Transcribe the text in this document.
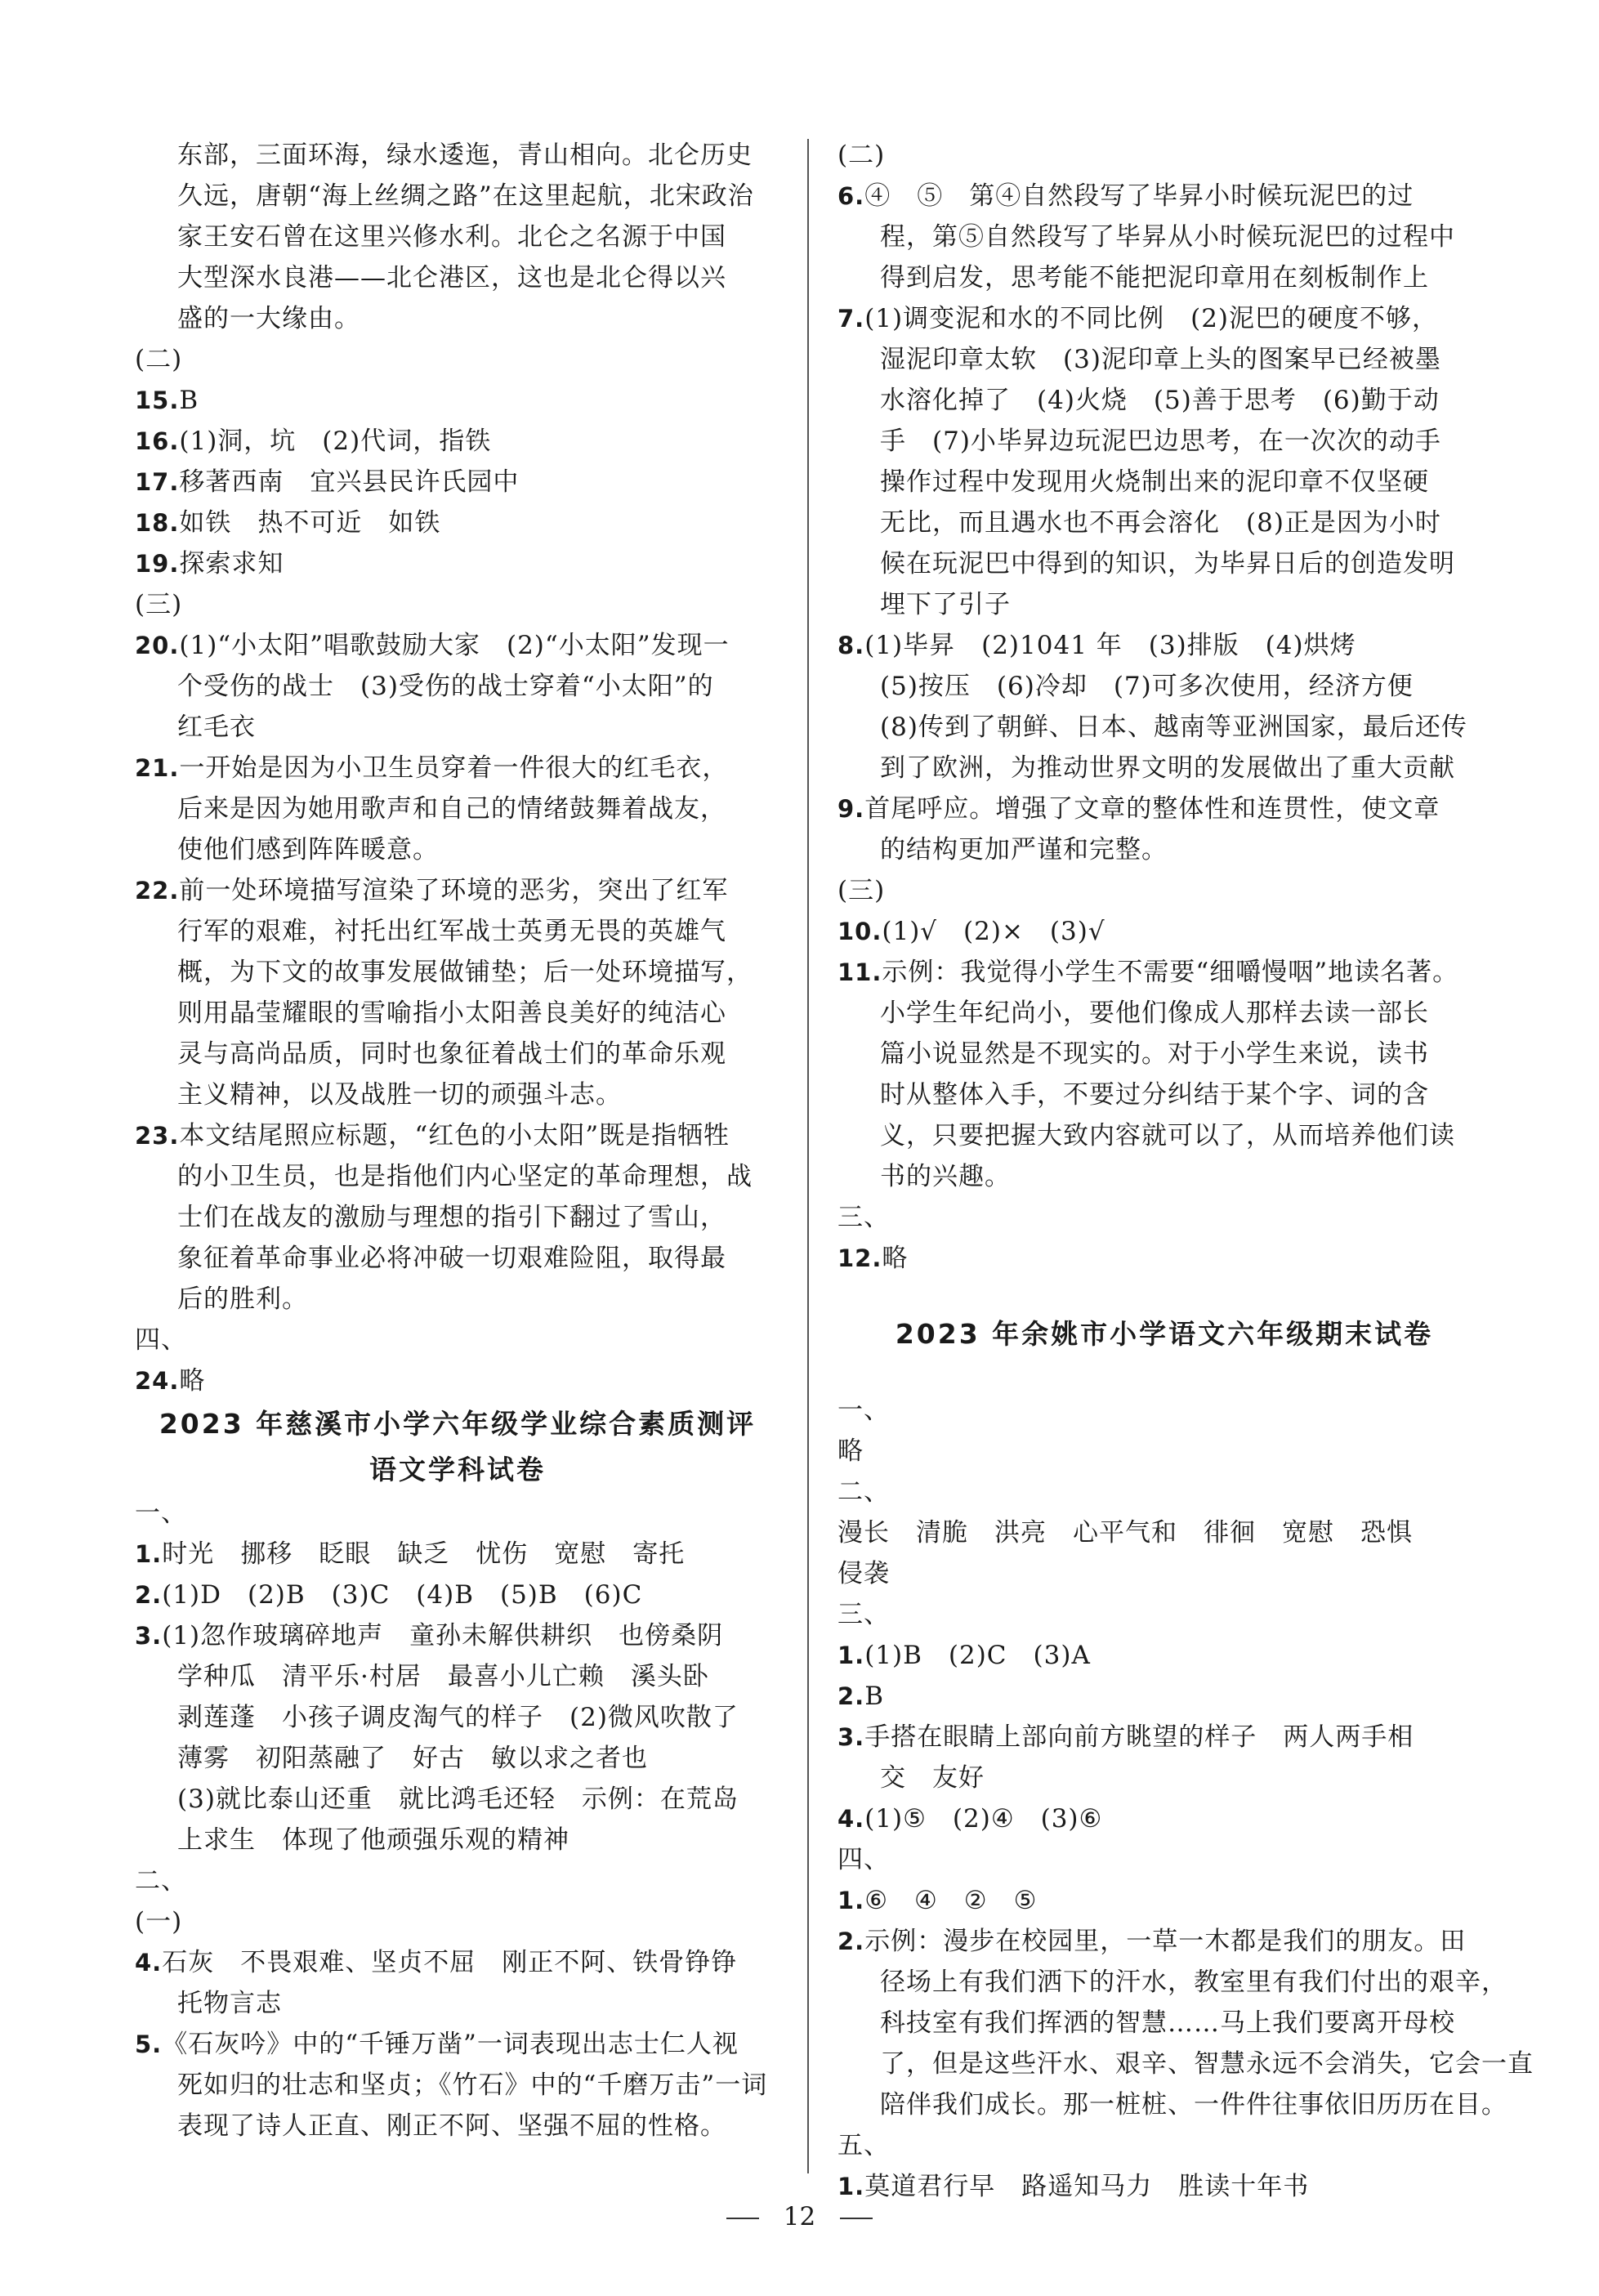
东部，三面环海，绿水逶迤，青山相向。北仑历史
久远，唐朝“海上丝绸之路”在这里起航，北宋政治
家王安石曾在这里兴修水利。北仑之名源于中国
大型深水良港——北仑港区，这也是北仑得以兴
盛的一大缘由。
(二)
15.B
16.(1)洞，坑　(2)代词，指铁
17.移著西南　宜兴县民许氏园中
18.如铁　热不可近　如铁
19.探索求知
(三)
20.(1)“小太阳”唱歌鼓励大家　(2)“小太阳”发现一
个受伤的战士　(3)受伤的战士穿着“小太阳”的
红毛衣
21.一开始是因为小卫生员穿着一件很大的红毛衣，
后来是因为她用歌声和自己的情绪鼓舞着战友，
使他们感到阵阵暖意。
22.前一处环境描写渲染了环境的恶劣，突出了红军
行军的艰难，衬托出红军战士英勇无畏的英雄气
概，为下文的故事发展做铺垫；后一处环境描写，
则用晶莹耀眼的雪喻指小太阳善良美好的纯洁心
灵与高尚品质，同时也象征着战士们的革命乐观
主义精神，以及战胜一切的顽强斗志。
23.本文结尾照应标题，“红色的小太阳”既是指牺牲
的小卫生员，也是指他们内心坚定的革命理想，战
士们在战友的激励与理想的指引下翻过了雪山，
象征着革命事业必将冲破一切艰难险阻，取得最
后的胜利。
四、
24.略
2023 年慈溪市小学六年级学业综合素质测评
语文学科试卷
一、
1.时光　挪移　眨眼　缺乏　忧伤　宽慰　寄托
2.(1)D　(2)B　(3)C　(4)B　(5)B　(6)C
3.(1)忽作玻璃碎地声　童孙未解供耕织　也傍桑阴
学种瓜　清平乐·村居　最喜小儿亡赖　溪头卧
剥莲蓬　小孩子调皮淘气的样子　(2)微风吹散了
薄雾　初阳蒸融了　好古　敏以求之者也
(3)就比泰山还重　就比鸿毛还轻　示例：在荒岛
上求生　体现了他顽强乐观的精神
二、
(一)
4.石灰　不畏艰难、坚贞不屈　刚正不阿、铁骨铮铮
托物言志
5.《石灰吟》中的“千锤万凿”一词表现出志士仁人视
死如归的壮志和坚贞；《竹石》中的“千磨万击”一词
表现了诗人正直、刚正不阿、坚强不屈的性格。
(二)
6.④　⑤　第④自然段写了毕昇小时候玩泥巴的过
程，第⑤自然段写了毕昇从小时候玩泥巴的过程中
得到启发，思考能不能把泥印章用在刻板制作上
7.(1)调变泥和水的不同比例　(2)泥巴的硬度不够，
湿泥印章太软　(3)泥印章上头的图案早已经被墨
水溶化掉了　(4)火烧　(5)善于思考　(6)勤于动
手　(7)小毕昇边玩泥巴边思考，在一次次的动手
操作过程中发现用火烧制出来的泥印章不仅坚硬
无比，而且遇水也不再会溶化　(8)正是因为小时
候在玩泥巴中得到的知识，为毕昇日后的创造发明
埋下了引子
8.(1)毕昇　(2)1041 年　(3)排版　(4)烘烤
(5)按压　(6)冷却　(7)可多次使用，经济方便
(8)传到了朝鲜、日本、越南等亚洲国家，最后还传
到了欧洲，为推动世界文明的发展做出了重大贡献
9.首尾呼应。增强了文章的整体性和连贯性，使文章
的结构更加严谨和完整。
(三)
10.(1)√　(2)×　(3)√
11.示例：我觉得小学生不需要“细嚼慢咽”地读名著。
小学生年纪尚小，要他们像成人那样去读一部长
篇小说显然是不现实的。对于小学生来说，读书
时从整体入手，不要过分纠结于某个字、词的含
义，只要把握大致内容就可以了，从而培养他们读
书的兴趣。
三、
12.略
2023 年余姚市小学语文六年级期末试卷
一、
略
二、
漫长　清脆　洪亮　心平气和　徘徊　宽慰　恐惧
侵袭
三、
1.(1)B　(2)C　(3)A
2.B
3.手搭在眼睛上部向前方眺望的样子　两人两手相
交　友好
4.(1)⑤　(2)④　(3)⑥
四、
1.⑥　④　②　⑤
2.示例：漫步在校园里，一草一木都是我们的朋友。田
径场上有我们洒下的汗水，教室里有我们付出的艰辛，
科技室有我们挥洒的智慧……马上我们要离开母校
了，但是这些汗水、艰辛、智慧永远不会消失，它会一直
陪伴我们成长。那一桩桩、一件件往事依旧历历在目。
五、
1.莫道君行早　路遥知马力　胜读十年书
12
